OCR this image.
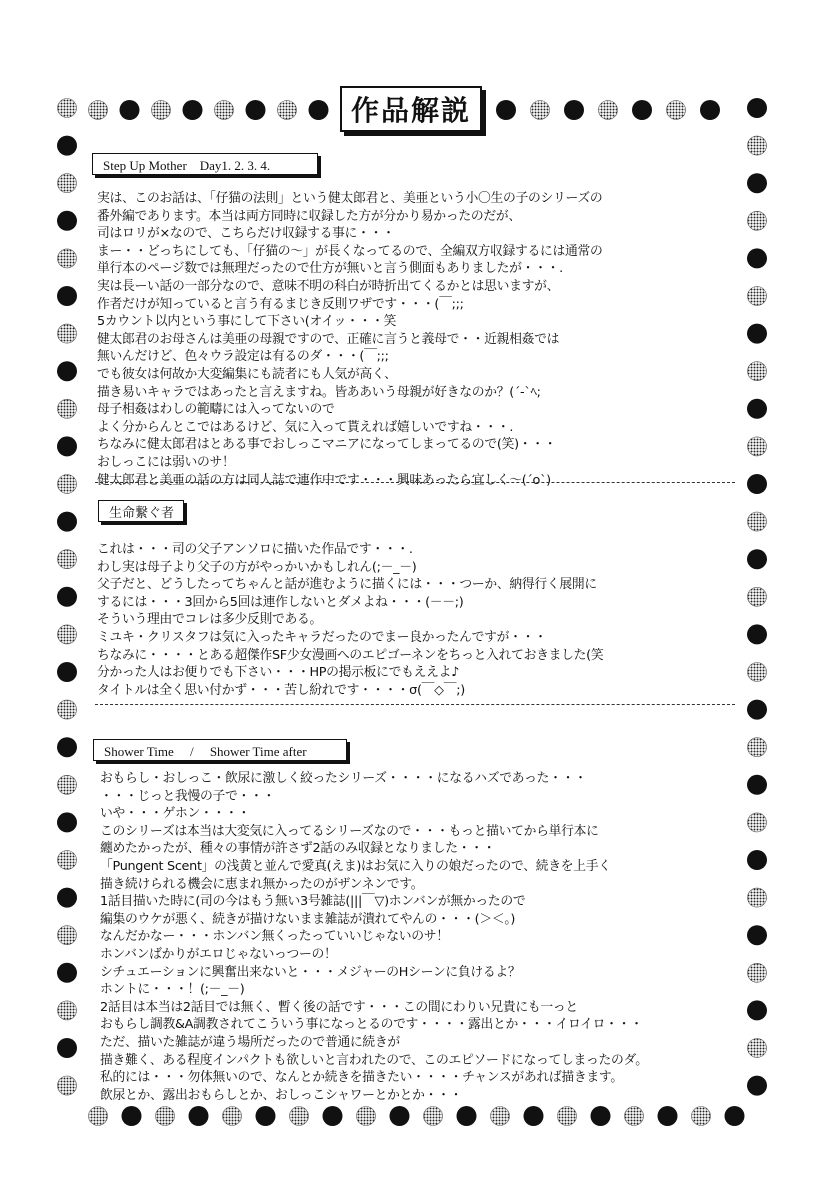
作品解説
Step Up Mother　Day1. 2. 3. 4.
実は、このお話は、「仔猫の法則」という健太郎君と、美亜という小〇生の子のシリーズの
番外編であります。本当は両方同時に収録した方が分かり易かったのだが、
司はロリが×なので、こちらだけ収録する事に・・・
まー・・どっちにしても、「仔猫の～」が長くなってるので、全編双方収録するには通常の
単行本のページ数では無理だったので仕方が無いと言う側面もありましたが・・・.
実は長ーい話の一部分なので、意味不明の科白が時折出てくるかとは思いますが、
作者だけが知っていると言う有るまじき反則ワザです・・・(￣;;;
5カウント以内という事にして下さい(オイッ・・・笑
健太郎君のお母さんは美亜の母親ですので、正確に言うと義母で・・近親相姦では
無いんだけど、色々ウラ設定は有るのダ・・・(￣;;;
でも彼女は何故か大変編集にも読者にも人気が高く、
描き易いキャラではあったと言えますね。皆ああいう母親が好きなのか？(´-`ﾍ;
母子相姦はわしの範疇には入ってないので
よく分からんとこではあるけど、気に入って貰えれば嬉しいですね・・・.
ちなみに健太郎君はとある事でおしっこマニアになってしまってるので(笑)・・・
おしっこには弱いのサ！
健太郎君と美亜の話の方は同人誌で連作中です・・・興味あったら宜しく～(´o`)
生命繋ぐ者
これは・・・司の父子アンソロに描いた作品です・・・.
わし実は母子より父子の方がやっかいかもしれん(;－_－)
父子だと、どうしたってちゃんと話が進むように描くには・・・つーか、納得行く展開に
するには・・・3回から5回は連作しないとダメよね・・・(－－;)
そういう理由でコレは多少反則である。
ミユキ・クリスタフは気に入ったキャラだったのでまー良かったんですが・・・
ちなみに・・・・とある超傑作SF少女漫画へのエピゴーネンをちっと入れておきました(笑
分かった人はお便りでも下さい・・・HPの掲示板にでもええよ♪
タイトルは全く思い付かず・・・苦し紛れです・・・・σ(￣◇￣;)
Shower Time　 /　 Shower Time after
おもらし・おしっこ・飲尿に激しく絞ったシリーズ・・・・になるハズであった・・・
・・・じっと我慢の子で・・・
いや・・・ゲホン・・・・
このシリーズは本当は大変気に入ってるシリーズなので・・・もっと描いてから単行本に
纏めたかったが、種々の事情が許さず2話のみ収録となりました・・・
「Pungent Scent」の浅黄と並んで愛真(えま)はお気に入りの娘だったので、続きを上手く
描き続けられる機会に恵まれ無かったのがザンネンです。
1話目描いた時に(司の今はもう無い3号雑誌(|||￣▽)ホンバンが無かったので
編集のウケが悪く、続きが描けないまま雑誌が潰れてやんの・・・(＞＜。)
なんだかなー・・・ホンバン無くったっていいじゃないのサ！
ホンバンばかりがエロじゃないっつーの！
シチュエーションに興奮出来ないと・・・メジャーのHシーンに負けるよ？
ホントに・・・！(;－_－)
2話目は本当は2話目では無く、暫く後の話です・・・この間にわりい兄貴にも一っと
おもらし調教&A調教されてこういう事になっとるのです・・・・露出とか・・・イロイロ・・・
ただ、描いた雑誌が違う場所だったので普通に続きが
描き難く、ある程度インパクトも欲しいと言われたので、このエピソードになってしまったのダ。
私的には・・・勿体無いので、なんとか続きを描きたい・・・・チャンスがあれば描きます。
飲尿とか、露出おもらしとか、おしっこシャワーとかとか・・・
